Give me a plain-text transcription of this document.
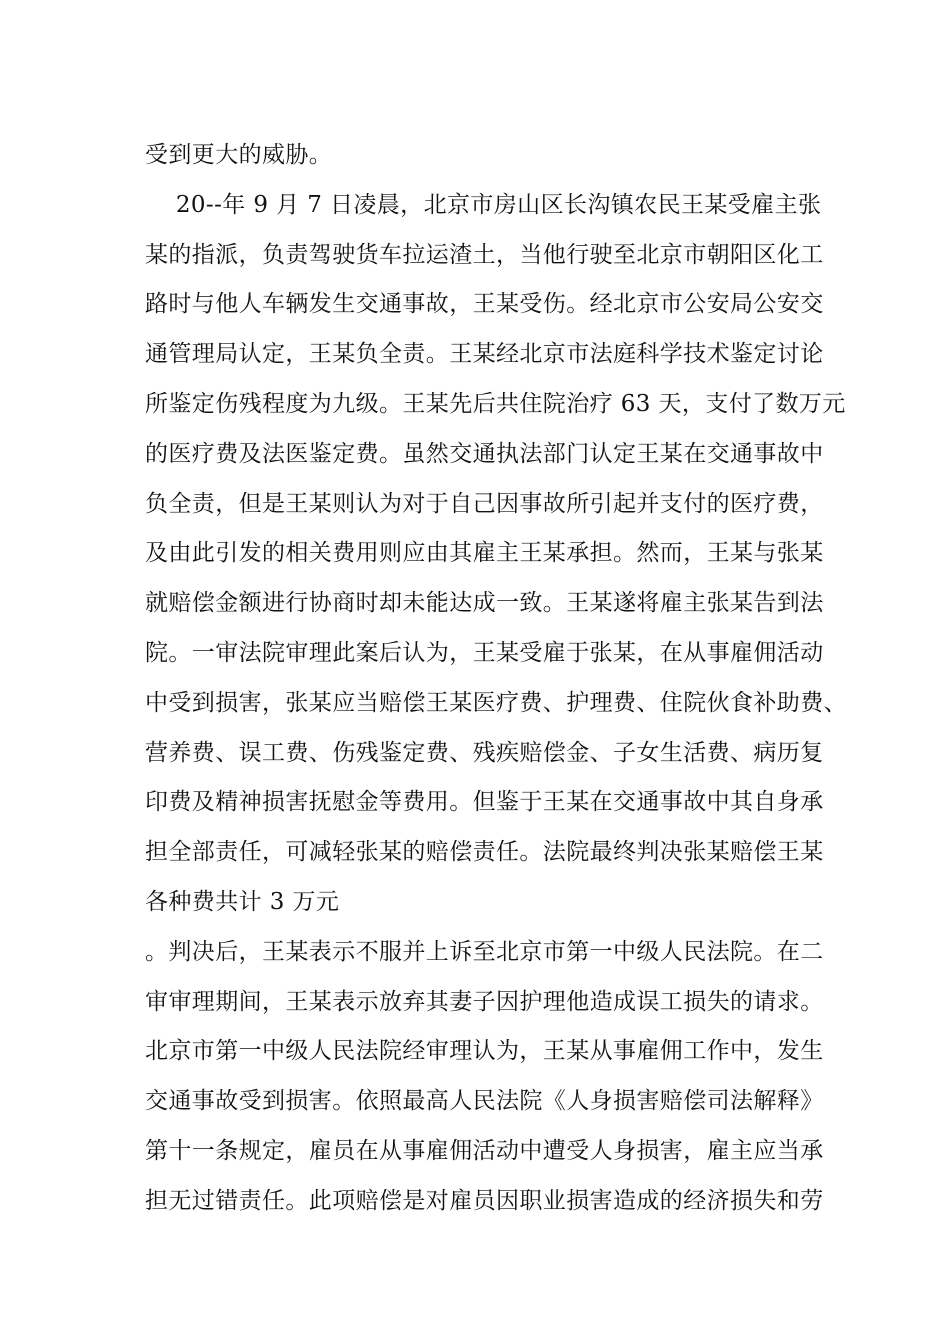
受到更大的威胁。
20--年 9 月 7 日凌晨，北京市房山区长沟镇农民王某受雇主张
某的指派，负责驾驶货车拉运渣土，当他行驶至北京市朝阳区化工
路时与他人车辆发生交通事故，王某受伤。经北京市公安局公安交
通管理局认定，王某负全责。王某经北京市法庭科学技术鉴定讨论
所鉴定伤残程度为九级。王某先后共住院治疗 63 天，支付了数万元
的医疗费及法医鉴定费。虽然交通执法部门认定王某在交通事故中
负全责，但是王某则认为对于自己因事故所引起并支付的医疗费，
及由此引发的相关费用则应由其雇主王某承担。然而，王某与张某
就赔偿金额进行协商时却未能达成一致。王某遂将雇主张某告到法
院。一审法院审理此案后认为，王某受雇于张某，在从事雇佣活动
中受到损害，张某应当赔偿王某医疗费、护理费、住院伙食补助费、
营养费、误工费、伤残鉴定费、残疾赔偿金、子女生活费、病历复
印费及精神损害抚慰金等费用。但鉴于王某在交通事故中其自身承
担全部责任，可减轻张某的赔偿责任。法院最终判决张某赔偿王某
各种费共计 3 万元
。判决后，王某表示不服并上诉至北京市第一中级人民法院。在二
审审理期间，王某表示放弃其妻子因护理他造成误工损失的请求。
北京市第一中级人民法院经审理认为，王某从事雇佣工作中，发生
交通事故受到损害。依照最高人民法院《人身损害赔偿司法解释》
第十一条规定，雇员在从事雇佣活动中遭受人身损害，雇主应当承
担无过错责任。此项赔偿是对雇员因职业损害造成的经济损失和劳
